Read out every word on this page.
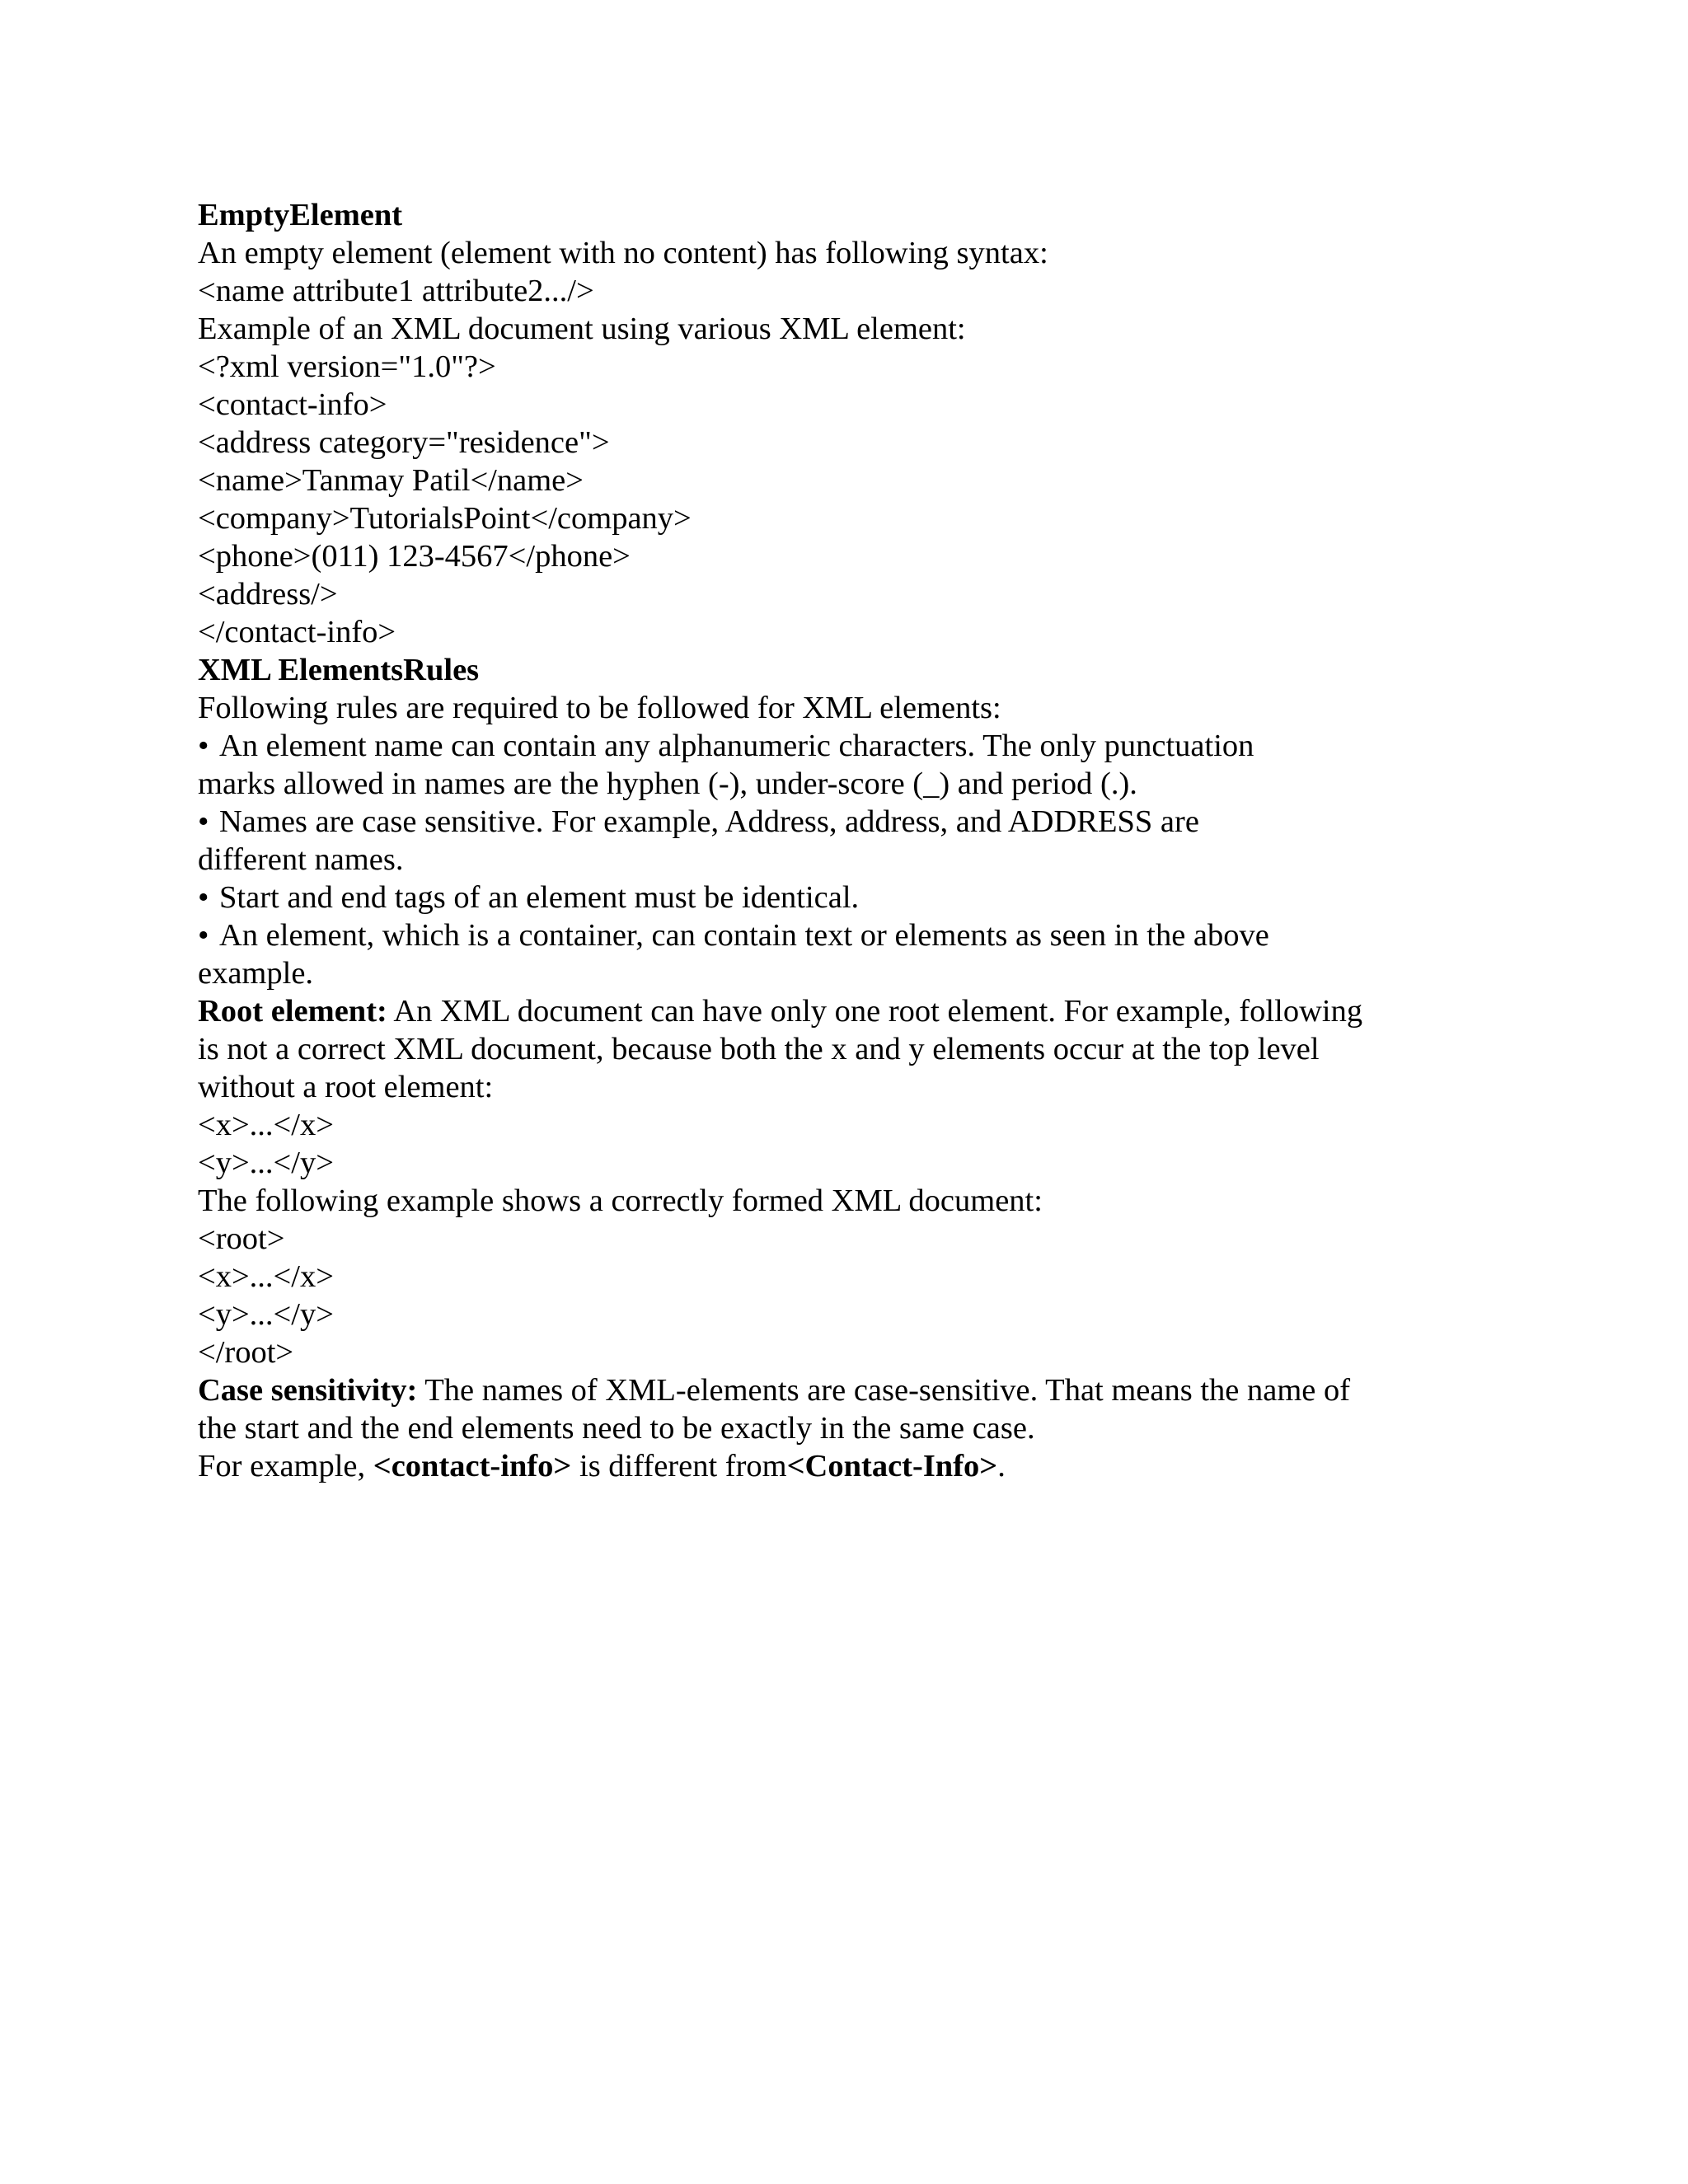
EmptyElement
An empty element (element with no content) has following syntax:
<name attribute1 attribute2.../>
Example of an XML document using various XML element:
<?xml version="1.0"?>
<contact-info>
<address category="residence">
<name>Tanmay Patil</name>
<company>TutorialsPoint</company>
<phone>(011) 123-4567</phone>
<address/>
</contact-info>
XML ElementsRules
Following rules are required to be followed for XML elements:
• An element name can contain any alphanumeric characters. The only punctuation
marks allowed in names are the hyphen (-), under-score (_) and period (.).
• Names are case sensitive. For example, Address, address, and ADDRESS are
different names.
• Start and end tags of an element must be identical.
• An element, which is a container, can contain text or elements as seen in the above
example.
Root element: An XML document can have only one root element. For example, following
is not a correct XML document, because both the x and y elements occur at the top level
without a root element:
<x>...</x>
<y>...</y>
The following example shows a correctly formed XML document:
<root>
<x>...</x>
<y>...</y>
</root>
Case sensitivity: The names of XML-elements are case-sensitive. That means the name of
the start and the end elements need to be exactly in the same case.
For example, <contact-info> is different from<Contact-Info>.
